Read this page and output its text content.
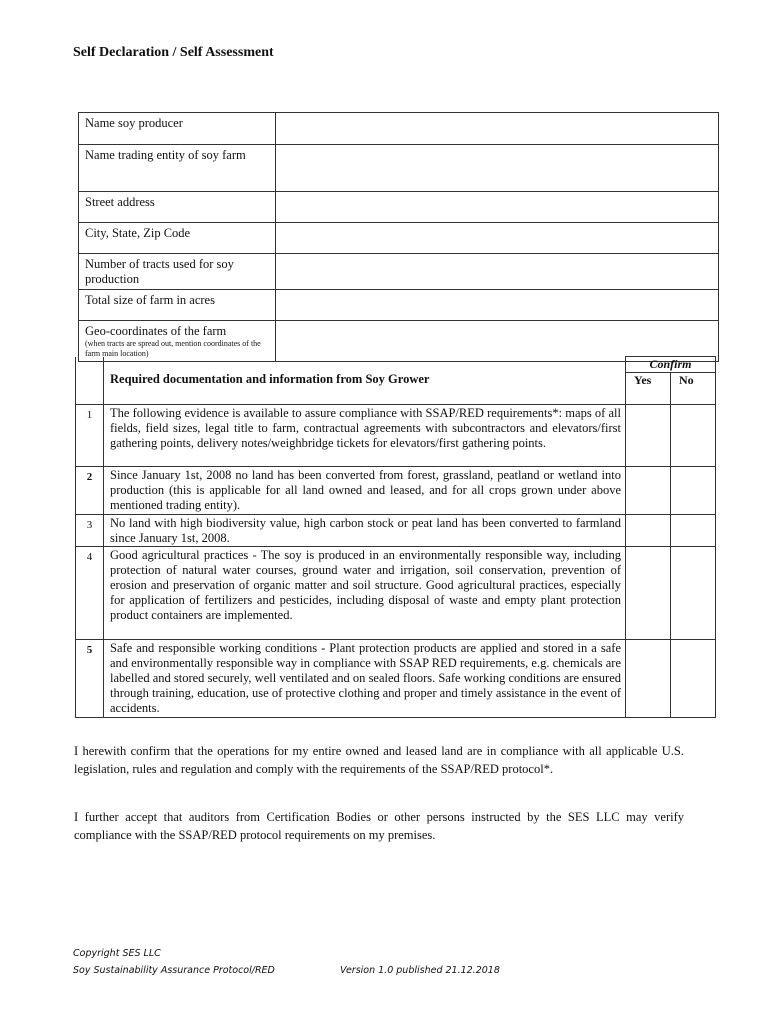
Self Declaration / Self Assessment
Name soy producer	
Name trading entity of soy farm	
Street address	
City, State, Zip Code	
Number of tracts used for soy production	
Total size of farm in acres	
Geo-coordinates of the farm
(when tracts are spread out, mention coordinates of the farm main location)	

	Required documentation and information from Soy Grower	Confirm	
		Yes	No
1	The following evidence is available to assure compliance with SSAP/RED requirements*: maps of all fields, field sizes, legal title to farm, contractual agreements with subcontractors and elevators/first gathering points, delivery notes/weighbridge tickets for elevators/first gathering points.		
2	Since January 1st, 2008 no land has been converted from forest, grassland, peatland or wetland into production (this is applicable for all land owned and leased, and for all crops grown under above mentioned trading entity).		
3	No land with high biodiversity value, high carbon stock or peat land has been converted to farmland since January 1st, 2008.		
4	Good agricultural practices - The soy is produced in an environmentally responsible way, including protection of natural water courses, ground water and irrigation, soil conservation, prevention of erosion and preservation of organic matter and soil structure. Good agricultural practices, especially for application of fertilizers and pesticides, including disposal of waste and empty plant protection product containers are implemented.		
5	Safe and responsible working conditions - Plant protection products are applied and stored in a safe and environmentally responsible way in compliance with SSAP RED requirements, e.g. chemicals are labelled and stored securely, well ventilated and on sealed floors. Safe working conditions are ensured through training, education, use of protective clothing and proper and timely assistance in the event of accidents.		

I herewith confirm that the operations for my entire owned and leased land are in compliance with all applicable U.S. legislation, rules and regulation and comply with the requirements of the SSAP/RED protocol*.

I further accept that auditors from Certification Bodies or other persons instructed by the SES LLC may verify compliance with the SSAP/RED protocol requirements on my premises.

Copyright SES LLC
Soy Sustainability Assurance Protocol/RED	Version 1.0 published 21.12.2018
